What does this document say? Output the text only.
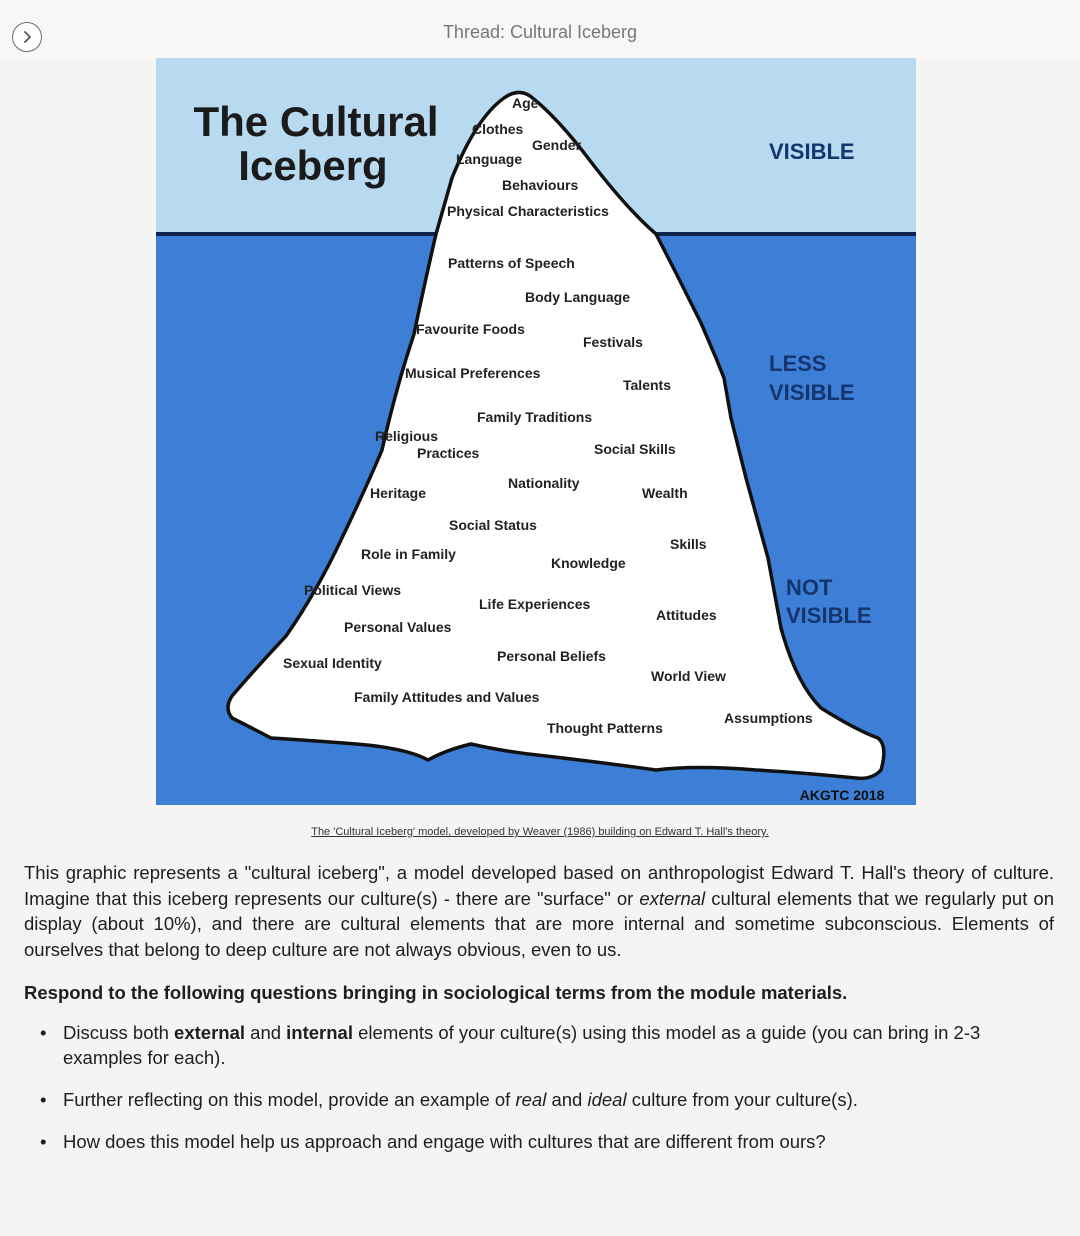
Thread: Cultural Iceberg
The Cultural
Iceberg	VISIBLE
LESS
VISIBLE
NOT
VISIBLE
Age
Clothes
Gender
Language
Behaviours
Physical Characteristics
Patterns of Speech
Body Language
Favourite Foods
Festivals
Musical Preferences
Talents
Family Traditions
Religious
Practices	Social Skills
Nationality
Heritage	Wealth
Social Status
Skills
Role in Family
Knowledge
Political Views
Life Experiences
Attitudes
Personal Values
Personal Beliefs
Sexual Identity
World View
Family Attitudes and Values
Assumptions
Thought Patterns
AKGTC 2018
The 'Cultural Iceberg' model, developed by Weaver (1986) building on Edward T. Hall's theory.

This graphic represents a "cultural iceberg", a model developed based on anthropologist Edward T. Hall's theory of culture. Imagine that this iceberg represents our culture(s) - there are "surface" or external cultural elements that we regularly put on display (about 10%), and there are cultural elements that are more internal and sometime subconscious. Elements of ourselves that belong to deep culture are not always obvious, even to us.

Respond to the following questions bringing in sociological terms from the module materials.

• Discuss both external and internal elements of your culture(s) using this model as a guide (you can bring in 2-3 examples for each).
• Further reflecting on this model, provide an example of real and ideal culture from your culture(s).
• How does this model help us approach and engage with cultures that are different from ours?
